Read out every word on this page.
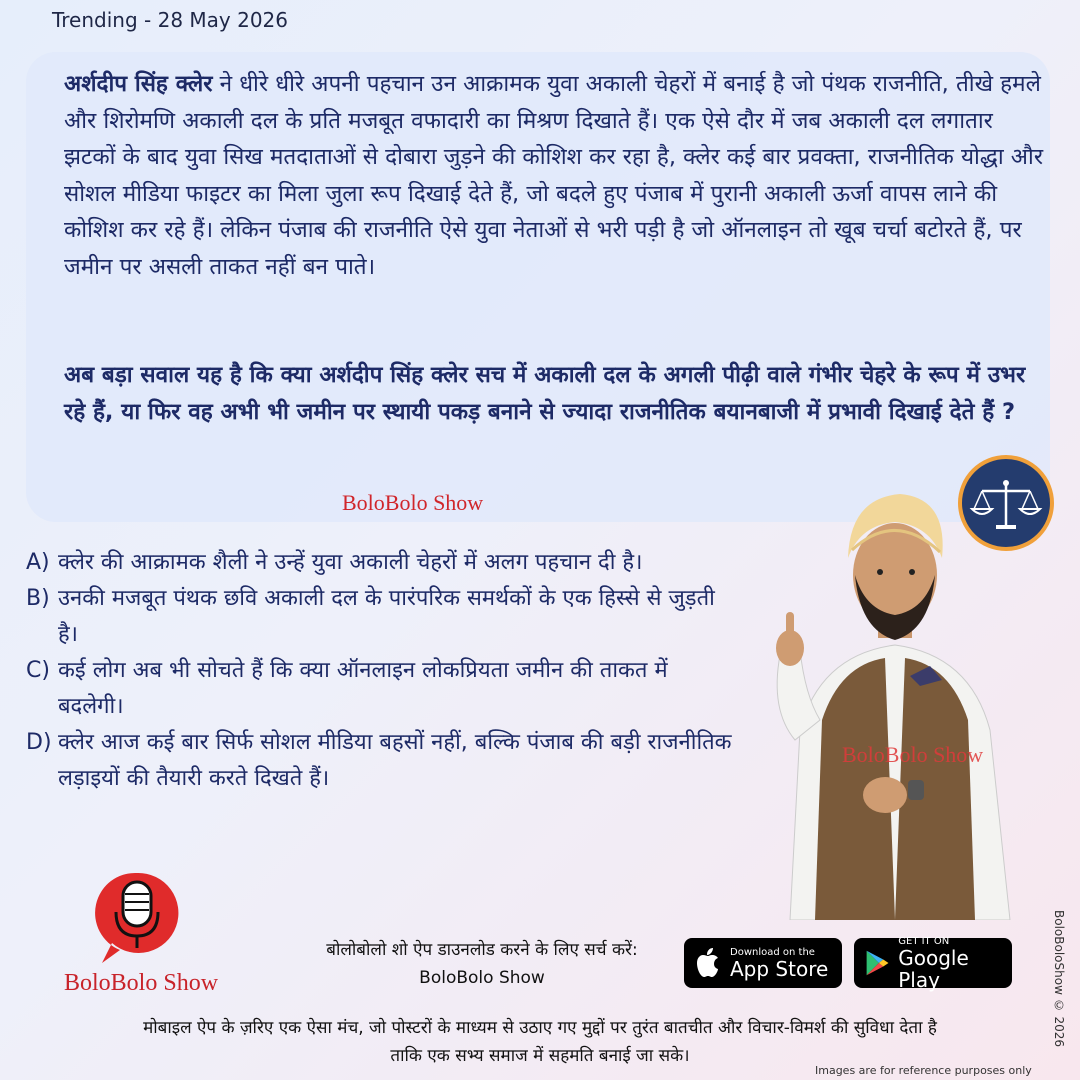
Trending - 28 May 2026

अर्शदीप सिंह क्लेर ने धीरे धीरे अपनी पहचान उन आक्रामक युवा अकाली चेहरों में बनाई है जो पंथक राजनीति, तीखे हमले और शिरोमणि अकाली दल के प्रति मजबूत वफादारी का मिश्रण दिखाते हैं। एक ऐसे दौर में जब अकाली दल लगातार झटकों के बाद युवा सिख मतदाताओं से दोबारा जुड़ने की कोशिश कर रहा है, क्लेर कई बार प्रवक्ता, राजनीतिक योद्धा और सोशल मीडिया फाइटर का मिला जुला रूप दिखाई देते हैं, जो बदले हुए पंजाब में पुरानी अकाली ऊर्जा वापस लाने की कोशिश कर रहे हैं। लेकिन पंजाब की राजनीति ऐसे युवा नेताओं से भरी पड़ी है जो ऑनलाइन तो खूब चर्चा बटोरते हैं, पर जमीन पर असली ताकत नहीं बन पाते।

अब बड़ा सवाल यह है कि क्या अर्शदीप सिंह क्लेर सच में अकाली दल के अगली पीढ़ी वाले गंभीर चेहरे के रूप में उभर रहे हैं, या फिर वह अभी भी जमीन पर स्थायी पकड़ बनाने से ज्यादा राजनीतिक बयानबाजी में प्रभावी दिखाई देते हैं ?

BoloBolo Show
A) क्लेर की आक्रामक शैली ने उन्हें युवा अकाली चेहरों में अलग पहचान दी है।
B) उनकी मजबूत पंथक छवि अकाली दल के पारंपरिक समर्थकों के एक हिस्से से जुड़ती है।
C) कई लोग अब भी सोचते हैं कि क्या ऑनलाइन लोकप्रियता जमीन की ताकत में बदलेगी।
D) क्लेर आज कई बार सिर्फ सोशल मीडिया बहसों नहीं, बल्कि पंजाब की बड़ी राजनीतिक लड़ाइयों की तैयारी करते दिखते हैं।
BoloBolo Show
BoloBolo Show
बोलोबोलो शो ऐप डाउनलोड करने के लिए सर्च करें:
BoloBolo Show
Download on the
App Store
GET IT ON
Google Play
मोबाइल ऐप के ज़रिए एक ऐसा मंच, जो पोस्टरों के माध्यम से उठाए गए मुद्दों पर तुरंत बातचीत और विचार-विमर्श की सुविधा देता है
ताकि एक सभ्य समाज में सहमति बनाई जा सके।
BoloBoloShow © 2026
Images are for reference purposes only
